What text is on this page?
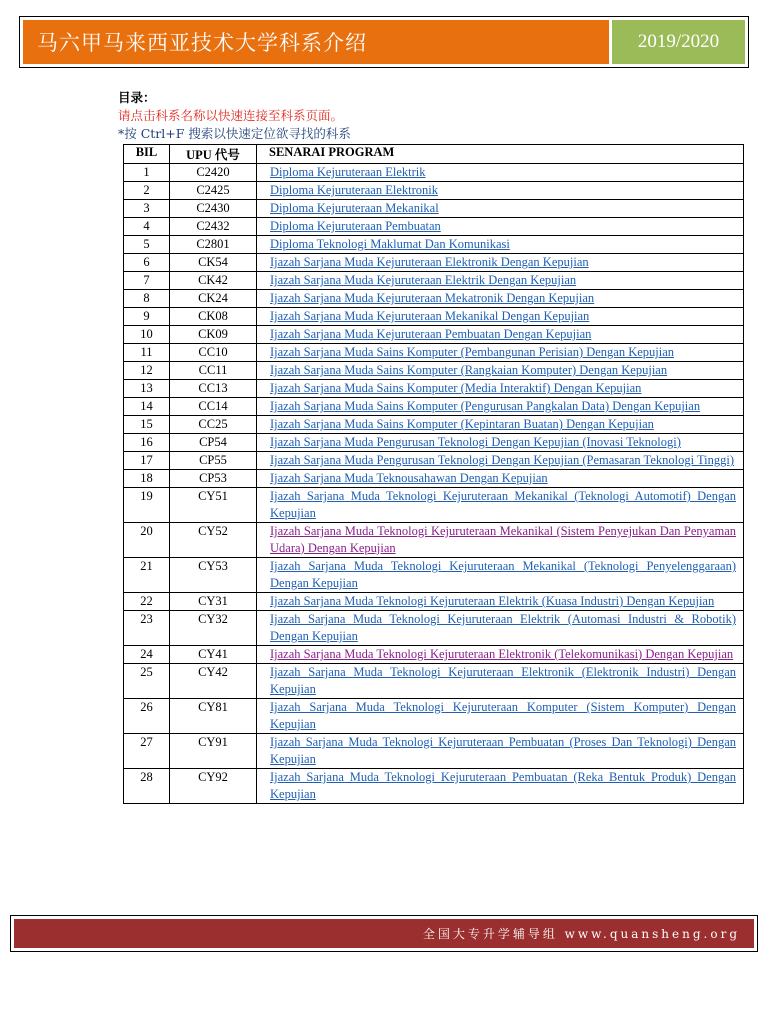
马六甲马来西亚技术大学科系介绍	2019/2020
目录：
请点击科系名称以快速连接至科系页面。
*按 Ctrl+F 搜索以快速定位欲寻找的科系
BIL	UPU 代号	SENARAI PROGRAM
1	C2420	Diploma Kejuruteraan Elektrik
2	C2425	Diploma Kejuruteraan Elektronik
3	C2430	Diploma Kejuruteraan Mekanikal
4	C2432	Diploma Kejuruteraan Pembuatan
5	C2801	Diploma Teknologi Maklumat Dan Komunikasi
6	CK54	Ijazah Sarjana Muda Kejuruteraan Elektronik Dengan Kepujian
7	CK42	Ijazah Sarjana Muda Kejuruteraan Elektrik Dengan Kepujian
8	CK24	Ijazah Sarjana Muda Kejuruteraan Mekatronik Dengan Kepujian
9	CK08	Ijazah Sarjana Muda Kejuruteraan Mekanikal Dengan Kepujian
10	CK09	Ijazah Sarjana Muda Kejuruteraan Pembuatan Dengan Kepujian
11	CC10	Ijazah Sarjana Muda Sains Komputer (Pembangunan Perisian) Dengan Kepujian
12	CC11	Ijazah Sarjana Muda Sains Komputer (Rangkaian Komputer) Dengan Kepujian
13	CC13	Ijazah Sarjana Muda Sains Komputer (Media Interaktif) Dengan Kepujian
14	CC14	Ijazah Sarjana Muda Sains Komputer (Pengurusan Pangkalan Data) Dengan Kepujian
15	CC25	Ijazah Sarjana Muda Sains Komputer (Kepintaran Buatan) Dengan Kepujian
16	CP54	Ijazah Sarjana Muda Pengurusan Teknologi Dengan Kepujian (Inovasi Teknologi)
17	CP55	Ijazah Sarjana Muda Pengurusan Teknologi Dengan Kepujian (Pemasaran Teknologi Tinggi)
18	CP53	Ijazah Sarjana Muda Teknousahawan Dengan Kepujian
19	CY51	Ijazah Sarjana Muda Teknologi Kejuruteraan Mekanikal (Teknologi Automotif) Dengan Kepujian
20	CY52	Ijazah Sarjana Muda Teknologi Kejuruteraan Mekanikal (Sistem Penyejukan Dan Penyaman Udara) Dengan Kepujian
21	CY53	Ijazah Sarjana Muda Teknologi Kejuruteraan Mekanikal (Teknologi Penyelenggaraan) Dengan Kepujian
22	CY31	Ijazah Sarjana Muda Teknologi Kejuruteraan Elektrik (Kuasa Industri) Dengan Kepujian
23	CY32	Ijazah Sarjana Muda Teknologi Kejuruteraan Elektrik (Automasi Industri & Robotik) Dengan Kepujian
24	CY41	Ijazah Sarjana Muda Teknologi Kejuruteraan Elektronik (Telekomunikasi) Dengan Kepujian
25	CY42	Ijazah Sarjana Muda Teknologi Kejuruteraan Elektronik (Elektronik Industri) Dengan Kepujian
26	CY81	Ijazah Sarjana Muda Teknologi Kejuruteraan Komputer (Sistem Komputer) Dengan Kepujian
27	CY91	Ijazah Sarjana Muda Teknologi Kejuruteraan Pembuatan (Proses Dan Teknologi) Dengan Kepujian
28	CY92	Ijazah Sarjana Muda Teknologi Kejuruteraan Pembuatan (Reka Bentuk Produk) Dengan Kepujian
全国大专升学辅导组 www.quansheng.org
